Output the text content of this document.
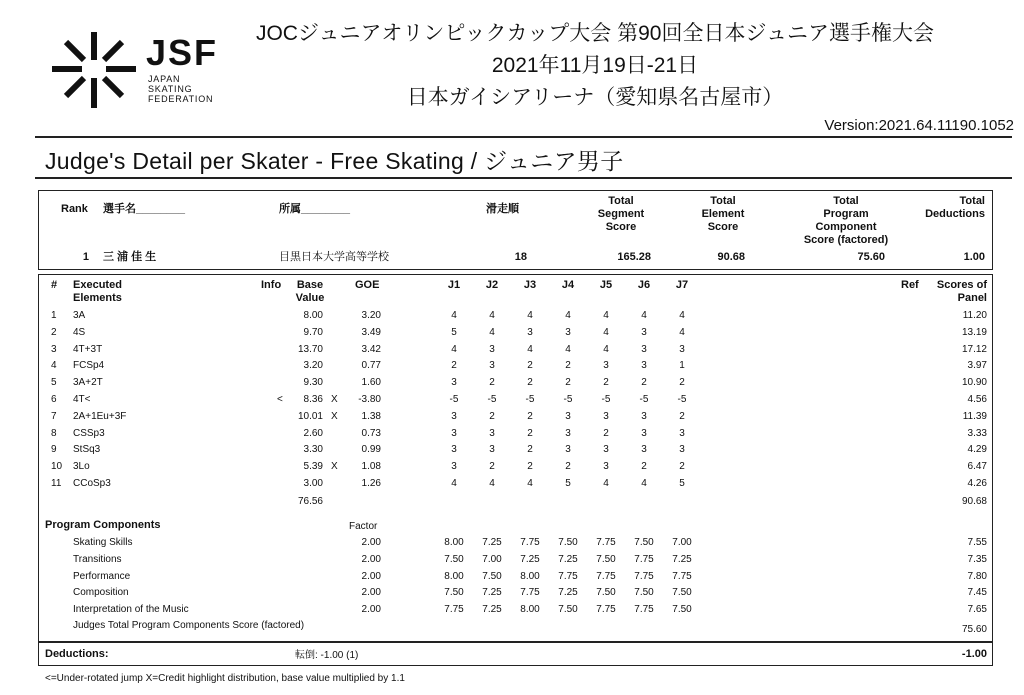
JSF
JAPAN
SKATING
FEDERATION
JOCジュニアオリンピックカップ大会 第90回全日本ジュニア選手権大会
2021年11月19日-21日
日本ガイシアリーナ（愛知県名古屋市）
Version:2021.64.11190.1052
Judge's Detail per Skater - Free Skating / ジュニア男子
Rank 選手名________	所属________	滑走順
Total
Segment
Score
Total
Element
Score
Total
Program
Component
Score (factored)
Total
Deductions
1 三 浦 佳 生	目黒日本大学高等学校	18	165.28	90.68	75.60	1.00
# Executed
Elements
Info	Base
Value
GOE	J1	J2	J3	J4	J5	J6	J7	Ref	Scores of
Panel
1 3A	8.00	3.20	4	4	4	4	4	4	4	11.20
2 4S	9.70	3.49	5	4	3	3	4	3	4	13.19
3 4T+3T	13.70	3.42	4	3	4	4	4	3	3	17.12
4 FCSp4	3.20	0.77	2	3	2	2	3	3	1	3.97
5 3A+2T	9.30	1.60	3	2	2	2	2	2	2	10.90
6 4T<	<	8.36 X	-3.80	-5	-5	-5	-5	-5	-5	-5	4.56
7 2A+1Eu+3F	10.01 X	1.38	3	2	2	3	3	3	2	11.39
8 CSSp3	2.60	0.73	3	3	2	3	2	3	3	3.33
9 StSq3	3.30	0.99	3	3	2	3	3	3	3	4.29
10 3Lo	5.39 X	1.08	3	2	2	2	3	2	2	6.47
11 CCoSp3	3.00	1.26	4	4	4	5	4	4	5	4.26
76.56	90.68
Program Components	Factor
Skating Skills	2.00	8.00	7.25	7.75	7.50	7.75	7.50	7.00	7.55
Transitions	2.00	7.50	7.00	7.25	7.25	7.50	7.75	7.25	7.35
Performance	2.00	8.00	7.50	8.00	7.75	7.75	7.75	7.75	7.80
Composition	2.00	7.50	7.25	7.75	7.25	7.50	7.50	7.50	7.45
Interpretation of the Music	2.00	7.75	7.25	8.00	7.50	7.75	7.75	7.50	7.65
Judges Total Program Components Score (factored)	75.60
Deductions:	転倒: -1.00 (1)	-1.00
<=Under-rotated jump X=Credit highlight distribution, base value multiplied by 1.1
